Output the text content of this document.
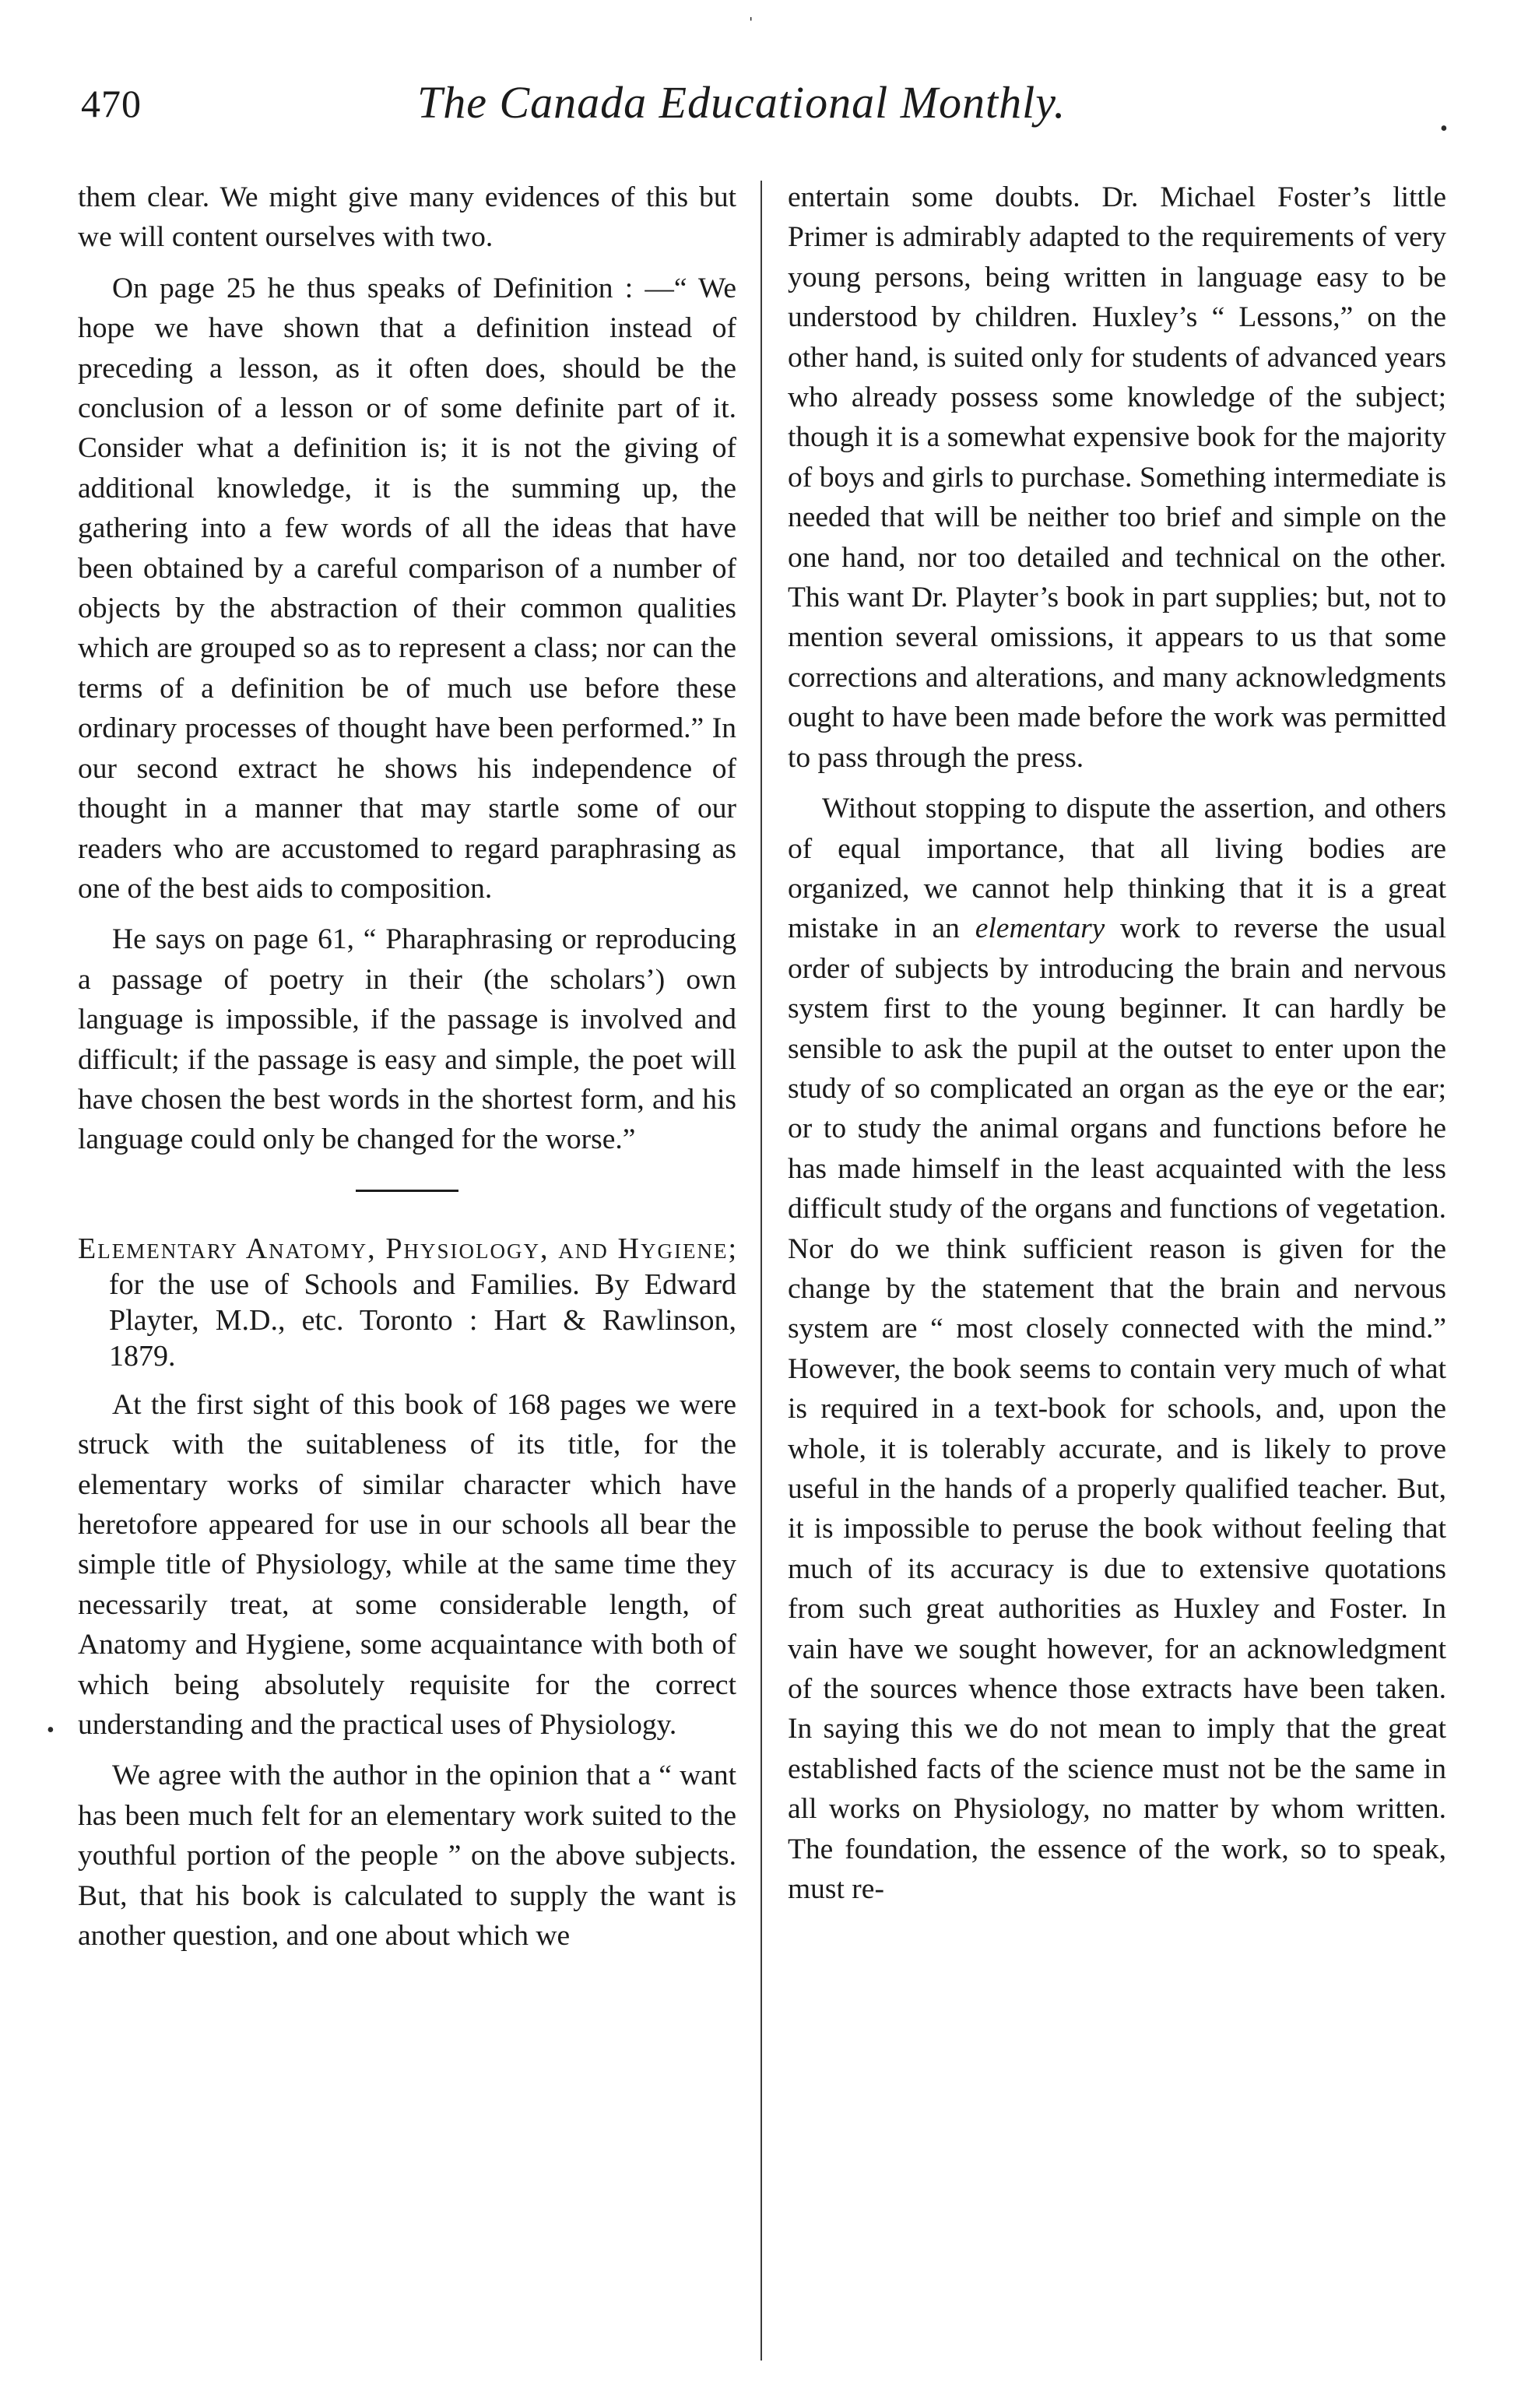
470	The Canada Educational Monthly.
ˈ
•
•

them clear. We might give many evidences of this but we will content ourselves with two.

On page 25 he thus speaks of Definition : —“ We hope we have shown that a definition instead of preceding a lesson, as it often does, should be the conclusion of a lesson or of some definite part of it. Consider what a definition is; it is not the giving of additional knowledge, it is the summing up, the gathering into a few words of all the ideas that have been obtained by a careful comparison of a number of objects by the abstraction of their common qualities which are grouped so as to represent a class; nor can the terms of a definition be of much use before these ordinary processes of thought have been performed.” In our second extract he shows his independence of thought in a manner that may startle some of our readers who are accustomed to regard paraphrasing as one of the best aids to composition.

He says on page 61, “ Pharaphrasing or reproducing a passage of poetry in their (the scholars’) own language is impossible, if the passage is involved and difficult; if the passage is easy and simple, the poet will have chosen the best words in the shortest form, and his language could only be changed for the worse.”

Elementary Anatomy, Physiology, and Hygiene; for the use of Schools and Families. By Edward Playter, M.D., etc. Toronto : Hart & Rawlinson, 1879.

At the first sight of this book of 168 pages we were struck with the suitableness of its title, for the elementary works of similar character which have heretofore appeared for use in our schools all bear the simple title of Physiology, while at the same time they necessarily treat, at some considerable length, of Anatomy and Hygiene, some acquaintance with both of which being absolutely requisite for the correct understanding and the practical uses of Physiology.

We agree with the author in the opinion that a “ want has been much felt for an elementary work suited to the youthful portion of the people ” on the above subjects. But, that his book is calculated to supply the want is another question, and one about which we

entertain some doubts. Dr. Michael Foster’s little Primer is admirably adapted to the requirements of very young persons, being written in language easy to be understood by children. Huxley’s “ Lessons,” on the other hand, is suited only for students of advanced years who already possess some knowledge of the subject; though it is a somewhat expensive book for the majority of boys and girls to purchase. Something intermediate is needed that will be neither too brief and simple on the one hand, nor too detailed and technical on the other. This want Dr. Playter’s book in part supplies; but, not to mention several omissions, it appears to us that some corrections and alterations, and many acknowledgments ought to have been made before the work was permitted to pass through the press.

Without stopping to dispute the assertion, and others of equal importance, that all living bodies are organized, we cannot help thinking that it is a great mistake in an elementary work to reverse the usual order of subjects by introducing the brain and nervous system first to the young beginner. It can hardly be sensible to ask the pupil at the outset to enter upon the study of so complicated an organ as the eye or the ear; or to study the animal organs and functions before he has made himself in the least acquainted with the less difficult study of the organs and functions of vegetation. Nor do we think sufficient reason is given for the change by the statement that the brain and nervous system are “ most closely connected with the mind.” However, the book seems to contain very much of what is required in a text-book for schools, and, upon the whole, it is tolerably accurate, and is likely to prove useful in the hands of a properly qualified teacher. But, it is impossible to peruse the book without feeling that much of its accuracy is due to extensive quotations from such great authorities as Huxley and Foster. In vain have we sought however, for an acknowledgment of the sources whence those extracts have been taken. In saying this we do not mean to imply that the great established facts of the science must not be the same in all works on Physiology, no matter by whom written. The foundation, the essence of the work, so to speak, must re-
